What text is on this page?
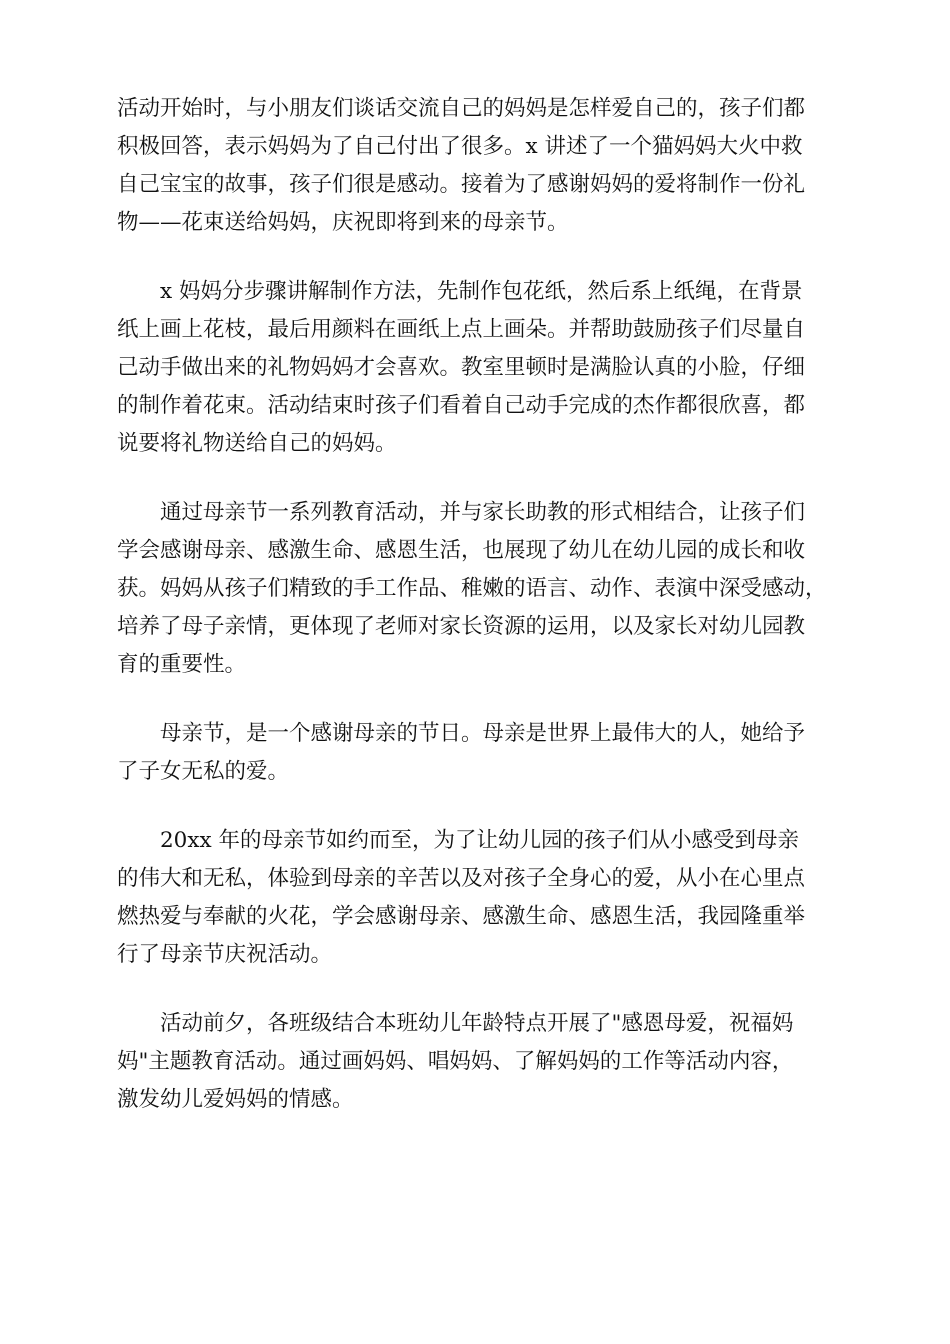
活动开始时，与小朋友们谈话交流自己的妈妈是怎样爱自己的，孩子们都
积极回答，表示妈妈为了自己付出了很多。x 讲述了一个猫妈妈大火中救
自己宝宝的故事，孩子们很是感动。接着为了感谢妈妈的爱将制作一份礼
物——花束送给妈妈，庆祝即将到来的母亲节。
x 妈妈分步骤讲解制作方法，先制作包花纸，然后系上纸绳，在背景
纸上画上花枝，最后用颜料在画纸上点上画朵。并帮助鼓励孩子们尽量自
己动手做出来的礼物妈妈才会喜欢。教室里顿时是满脸认真的小脸，仔细
的制作着花束。活动结束时孩子们看着自己动手完成的杰作都很欣喜，都
说要将礼物送给自己的妈妈。
通过母亲节一系列教育活动，并与家长助教的形式相结合，让孩子们
学会感谢母亲、感激生命、感恩生活，也展现了幼儿在幼儿园的成长和收
获。妈妈从孩子们精致的手工作品、稚嫩的语言、动作、表演中深受感动，
培养了母子亲情，更体现了老师对家长资源的运用，以及家长对幼儿园教
育的重要性。
母亲节，是一个感谢母亲的节日。母亲是世界上最伟大的人，她给予
了子女无私的爱。
20xx 年的母亲节如约而至，为了让幼儿园的孩子们从小感受到母亲
的伟大和无私，体验到母亲的辛苦以及对孩子全身心的爱，从小在心里点
燃热爱与奉献的火花，学会感谢母亲、感激生命、感恩生活，我园隆重举
行了母亲节庆祝活动。
活动前夕，各班级结合本班幼儿年龄特点开展了"感恩母爱，祝福妈
妈"主题教育活动。通过画妈妈、唱妈妈、了解妈妈的工作等活动内容，
激发幼儿爱妈妈的情感。
